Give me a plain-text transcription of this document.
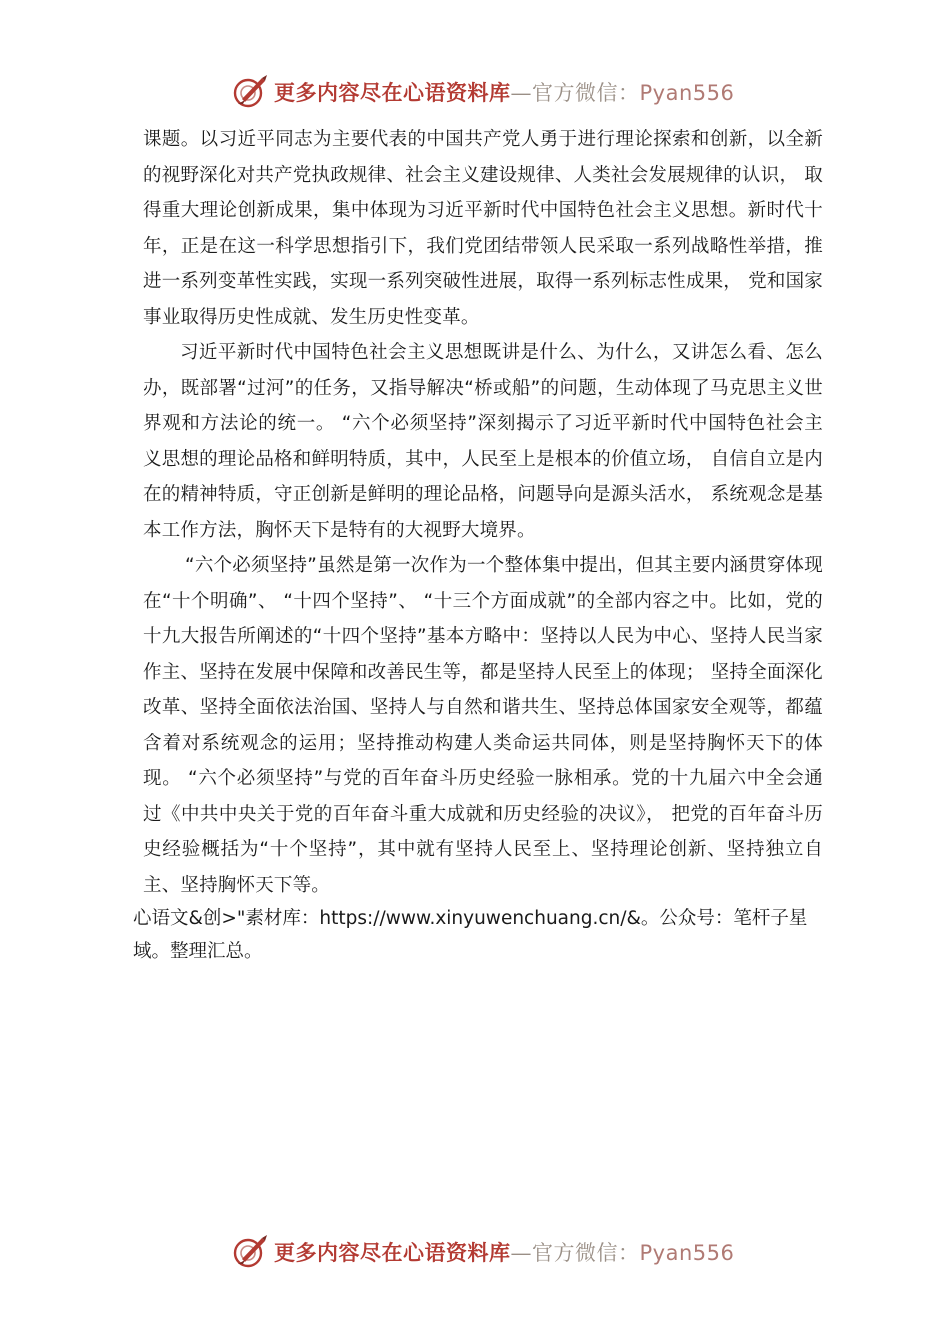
更多内容尽在心语资料库—官方微信：Pyan556

课题。以习近平同志为主要代表的中国共产党人勇于进行理论探索和创新，以全新的视野深化对共产党执政规律、社会主义建设规律、人类社会发展规律的认识， 取得重大理论创新成果，集中体现为习近平新时代中国特色社会主义思想。新时代十年，正是在这一科学思想指引下，我们党团结带领人民采取一系列战略性举措，推进一系列变革性实践，实现一系列突破性进展，取得一系列标志性成果， 党和国家事业取得历史性成就、发生历史性变革。

习近平新时代中国特色社会主义思想既讲是什么、为什么，又讲怎么看、怎么办，既部署“过河”的任务，又指导解决“桥或船”的问题，生动体现了马克思主义世界观和方法论的统一。 “六个必须坚持”深刻揭示了习近平新时代中国特色社会主义思想的理论品格和鲜明特质，其中，人民至上是根本的价值立场， 自信自立是内在的精神特质，守正创新是鲜明的理论品格，问题导向是源头活水， 系统观念是基本工作方法，胸怀天下是特有的大视野大境界。

“六个必须坚持”虽然是第一次作为一个整体集中提出，但其主要内涵贯穿体现在“十个明确”、 “十四个坚持”、 “十三个方面成就”的全部内容之中。比如，党的十九大报告所阐述的“十四个坚持”基本方略中：坚持以人民为中心、坚持人民当家作主、坚持在发展中保障和改善民生等，都是坚持人民至上的体现； 坚持全面深化改革、坚持全面依法治国、坚持人与自然和谐共生、坚持总体国家安全观等，都蕴含着对系统观念的运用；坚持推动构建人类命运共同体，则是坚持胸怀天下的体现。 “六个必须坚持”与党的百年奋斗历史经验一脉相承。党的十九届六中全会通过《中共中央关于党的百年奋斗重大成就和历史经验的决议》， 把党的百年奋斗历史经验概括为“十个坚持”，其中就有坚持人民至上、坚持理论创新、坚持独立自主、坚持胸怀天下等。

心语文&创>"素材库：https://www.xinyuwenchuang.cn/&。公众号：笔杆子星域。整理汇总。

更多内容尽在心语资料库—官方微信：Pyan556
